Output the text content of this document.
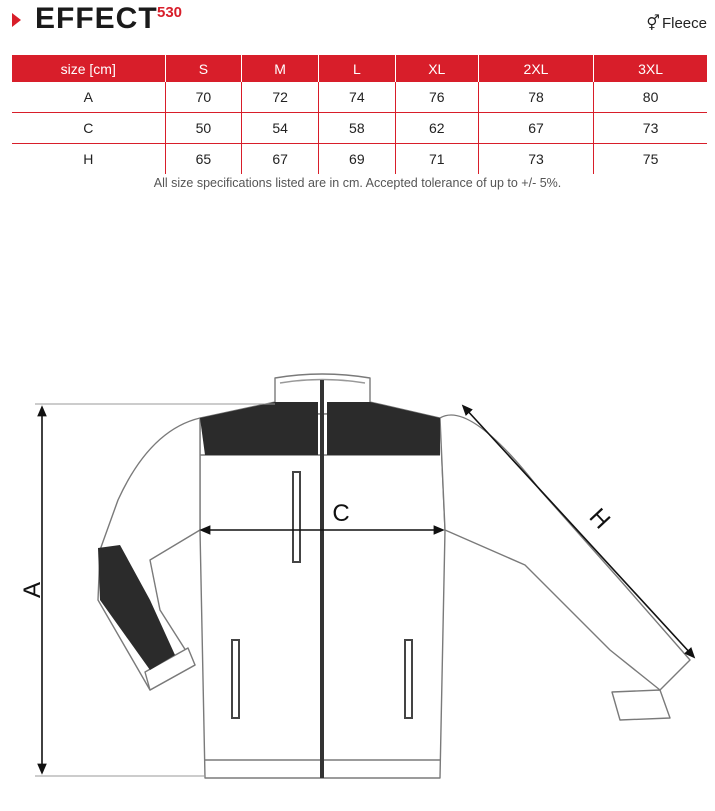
EFFECT 530
⚥ Fleece
size [cm]	S	M	L	XL	2XL	3XL
A	70	72	74	76	78	80
C	50	54	58	62	67	73
H	65	67	69	71	73	75
All size specifications listed are in cm. Accepted tolerance of up to +/- 5%.
A
C	H
